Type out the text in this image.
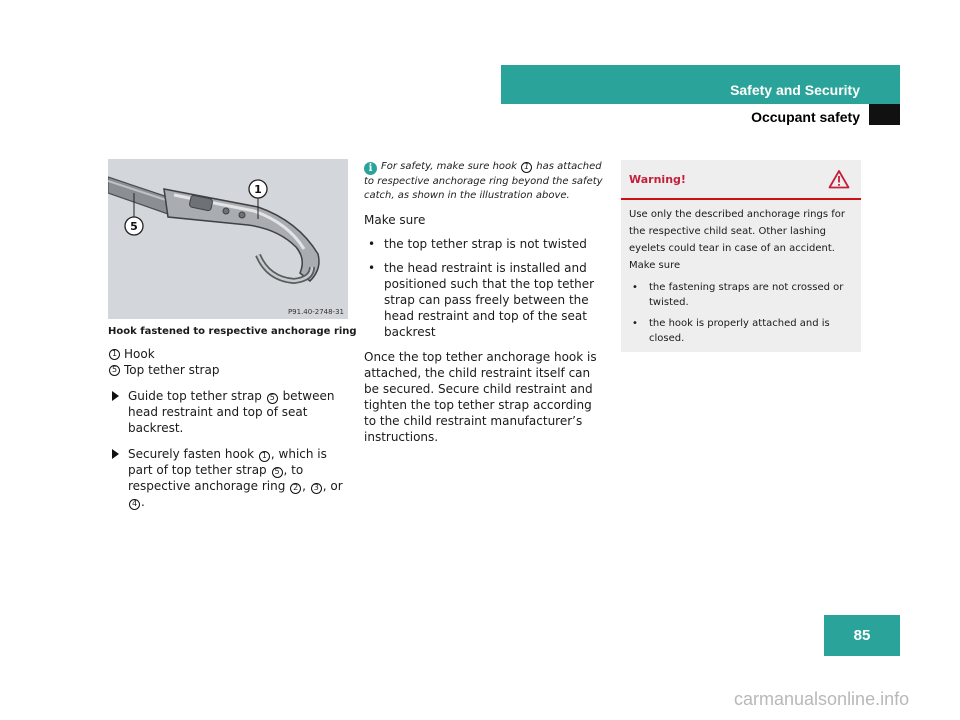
Safety and Security
Occupant safety
1
5
P91.40-2748-31
Hook fastened to respective anchorage ring
1 Hook
5 Top tether strap
Guide top tether strap 5 between head restraint and top of seat backrest.
Securely fasten hook 1 , which is part of top tether strap 5 , to respective anchorage ring 2 , 3 , or 4 .
i For safety, make sure hook 1 has attached to respective anchorage ring beyond the safety catch, as shown in the illustration above.
Make sure
• the top tether strap is not twisted
• the head restraint is installed and positioned such that the top tether strap can pass freely between the head restraint and top of the seat backrest
Once the top tether anchorage hook is attached, the child restraint itself can be secured. Secure child restraint and tighten the top tether strap according to the child restraint manufacturer’s instructions.
Warning!
Use only the described anchorage rings for the respective child seat. Other lashing eyelets could tear in case of an accident.
Make sure
• the fastening straps are not crossed or twisted.
• the hook is properly attached and is closed.
85
carmanualsonline.info
